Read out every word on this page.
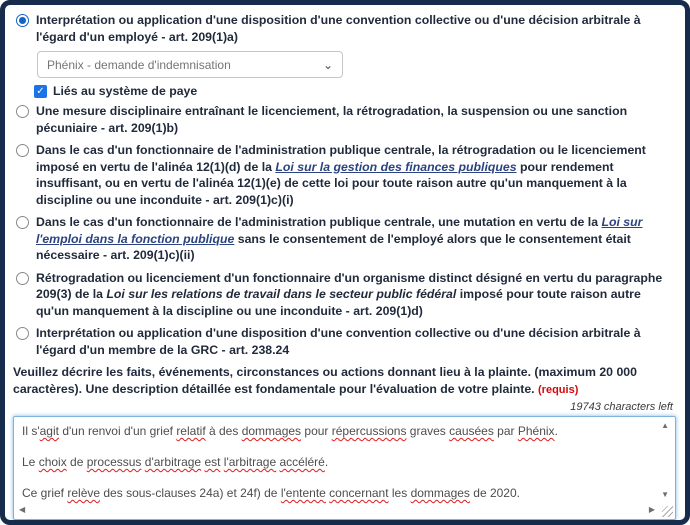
Interprétation ou application d'une disposition d'une convention collective ou d'une décision arbitrale à l'égard d'un employé - art. 209(1)a)
Phénix - demande d'indemnisation	⌄
✓ Liés au système de paye
Une mesure disciplinaire entraînant le licenciement, la rétrogradation, la suspension ou une sanction pécuniaire - art. 209(1)b)
Dans le cas d'un fonctionnaire de l'administration publique centrale, la rétrogradation ou le licenciement imposé en vertu de l'alinéa 12(1)(d) de la Loi sur la gestion des finances publiques pour rendement insuffisant, ou en vertu de l'alinéa 12(1)(e) de cette loi pour toute raison autre qu'un manquement à la discipline ou une inconduite - art. 209(1)c)(i)
Dans le cas d'un fonctionnaire de l'administration publique centrale, une mutation en vertu de la Loi sur l'emploi dans la fonction publique sans le consentement de l'employé alors que le consentement était nécessaire - art. 209(1)c)(ii)
Rétrogradation ou licenciement d'un fonctionnaire d'un organisme distinct désigné en vertu du paragraphe 209(3) de la Loi sur les relations de travail dans le secteur public fédéral imposé pour toute raison autre qu'un manquement à la discipline ou une inconduite - art. 209(1)d)
Interprétation ou application d'une disposition d'une convention collective ou d'une décision arbitrale à l'égard d'un membre de la GRC - art. 238.24
Veuillez décrire les faits, événements, circonstances ou actions donnant lieu à la plainte. (maximum 20 000 caractères). Une description détaillée est fondamentale pour l'évaluation de votre plainte. (requis)
19743 characters left
Il s'agit d'un renvoi d'un grief relatif à des dommages pour répercussions graves causées par Phénix.
Le choix de processus d'arbitrage est l'arbitrage accéléré.
Ce grief relève des sous-clauses 24a) et 24f) de l'entente concernant les dommages de 2020.
▲
▼
◀	▶
